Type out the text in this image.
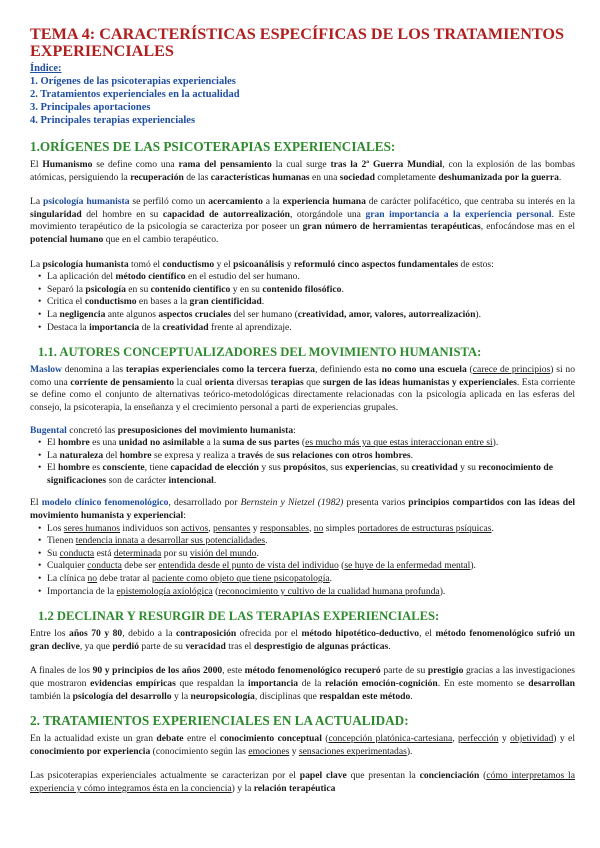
TEMA 4: CARACTERÍSTICAS ESPECÍFICAS DE LOS TRATAMIENTOS
EXPERIENCIALES
Índice:
1. Orígenes de las psicoterapias experienciales
2. Tratamientos experienciales en la actualidad
3. Principales aportaciones
4. Principales terapias experienciales
1.ORÍGENES DE LAS PSICOTERAPIAS EXPERIENCIALES:
El Humanismo se define como una rama del pensamiento la cual surge tras la 2ª Guerra Mundial, con la explosión de las bombas atómicas, persiguiendo la recuperación de las características humanas en una sociedad completamente deshumanizada por la guerra.
La psicología humanista se perfiló como un acercamiento a la experiencia humana de carácter polifacético, que centraba su interés en la singularidad del hombre en su capacidad de autorrealización, otorgándole una gran importancia a la experiencia personal. Este movimiento terapéutico de la psicología se caracteriza por poseer un gran número de herramientas terapéuticas, enfocándose mas en el potencial humano que en el cambio terapéutico.
La psicología humanista tomó el conductismo y el psicoanálisis y reformuló cinco aspectos fundamentales de estos:
• La aplicación del método científico en el estudio del ser humano.
• Separó la psicología en su contenido científico y en su contenido filosófico.
• Critica el conductismo en bases a la gran cientificidad.
• La negligencia ante algunos aspectos cruciales del ser humano (creatividad, amor, valores, autorrealización).
• Destaca la importancia de la creatividad frente al aprendizaje.
1.1. AUTORES CONCEPTUALIZADORES DEL MOVIMIENTO HUMANISTA:
Maslow denomina a las terapias experienciales como la tercera fuerza, definiendo esta no como una escuela (carece de principios) si no como una corriente de pensamiento la cual orienta diversas terapias que surgen de las ideas humanistas y experienciales. Esta corriente se define como el conjunto de alternativas teórico-metodológicas directamente relacionadas con la psicología aplicada en las esferas del consejo, la psicoterapia, la enseñanza y el crecimiento personal a parti de experiencias grupales.
Bugental concretó las presuposiciones del movimiento humanista:
• El hombre es una unidad no asimilable a la suma de sus partes (es mucho más ya que estas interaccionan entre si).
• La naturaleza del hombre se expresa y realiza a través de sus relaciones con otros hombres.
• El hombre es consciente, tiene capacidad de elección y sus propósitos, sus experiencias, su creatividad y su reconocimiento de significaciones son de carácter intencional.
El modelo clínico fenomenológico, desarrollado por Bernstein y Nietzel (1982) presenta varios principios compartidos con las ideas del movimiento humanista y experiencial:
• Los seres humanos individuos son activos, pensantes y responsables, no simples portadores de estructuras psíquicas.
• Tienen tendencia innata a desarrollar sus potencialidades.
• Su conducta está determinada por su visión del mundo.
• Cualquier conducta debe ser entendida desde el punto de vista del individuo (se huye de la enfermedad mental).
• La clínica no debe tratar al paciente como objeto que tiene psicopatología.
• Importancia de la epistemología axiológica (reconocimiento y cultivo de la cualidad humana profunda).
1.2 DECLINAR Y RESURGIR DE LAS TERAPIAS EXPERIENCIALES:
Entre los años 70 y 80, debido a la contraposición ofrecida por el método hipotético-deductivo, el método fenomenológico sufrió un gran declive, ya que perdió parte de su veracidad tras el desprestigio de algunas prácticas.
A finales de los 90 y principios de los años 2000, este método fenomenológico recuperó parte de su prestigio gracias a las investigaciones que mostraron evidencias empíricas que respaldan la importancia de la relación emoción-cognición. En este momento se desarrollan también la psicología del desarrollo y la neuropsicología, disciplinas que respaldan este método.
2. TRATAMIENTOS EXPERIENCIALES EN LA ACTUALIDAD:
En la actualidad existe un gran debate entre el conocimiento conceptual (concepción platónica-cartesiana, perfección y objetividad) y el conocimiento por experiencia (conocimiento según las emociones y sensaciones experimentadas).
Las psicoterapias experienciales actualmente se caracterizan por el papel clave que presentan la concienciación (cómo interpretamos la experiencia y cómo integramos ésta en la conciencia) y la relación terapéutica
